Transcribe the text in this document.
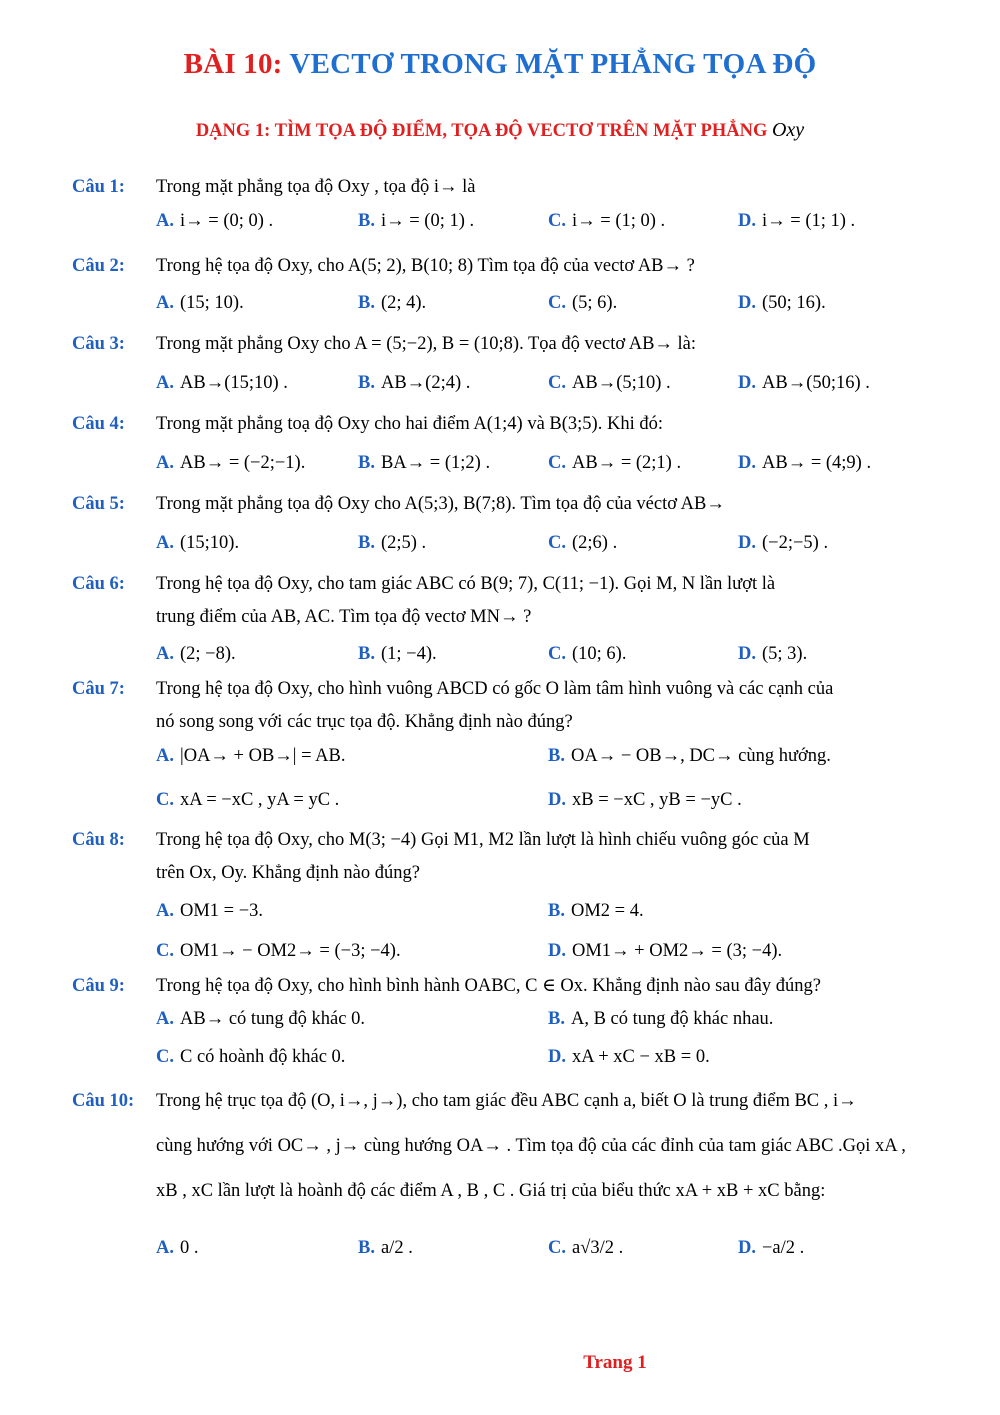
BÀI 10: VECTƠ TRONG MẶT PHẲNG TỌA ĐỘ
DẠNG 1: TÌM TỌA ĐỘ ĐIỂM, TỌA ĐỘ VECTƠ TRÊN MẶT PHẲNG Oxy
Câu 1:	Trong mặt phẳng tọa độ Oxy , tọa độ i→ là
A. i→ = (0; 0) .	B. i→ = (0; 1) .	C. i→ = (1; 0) .	D. i→ = (1; 1) .
Câu 2:	Trong hệ tọa độ Oxy, cho A(5; 2), B(10; 8) Tìm tọa độ của vectơ AB→ ?
A. (15; 10).	B. (2; 4).	C. (5; 6).	D. (50; 16).
Câu 3:	Trong mặt phẳng Oxy cho A = (5;−2), B = (10;8). Tọa độ vectơ AB→ là:
A. AB→(15;10) .	B. AB→(2;4) .	C. AB→(5;10) .	D. AB→(50;16) .
Câu 4:	Trong mặt phẳng toạ độ Oxy cho hai điểm A(1;4) và B(3;5). Khi đó:
A. AB→ = (−2;−1).	B. BA→ = (1;2) .	C. AB→ = (2;1) .	D. AB→ = (4;9) .
Câu 5:	Trong mặt phẳng tọa độ Oxy cho A(5;3), B(7;8). Tìm tọa độ của véctơ AB→
A. (15;10).	B. (2;5) .	C. (2;6) .	D. (−2;−5) .
Câu 6:	Trong hệ tọa độ Oxy, cho tam giác ABC có B(9; 7), C(11; −1). Gọi M, N lần lượt là
trung điểm của AB, AC. Tìm tọa độ vectơ MN→ ?
A. (2; −8).	B. (1; −4).	C. (10; 6).	D. (5; 3).
Câu 7:	Trong hệ tọa độ Oxy, cho hình vuông ABCD có gốc O làm tâm hình vuông và các cạnh của
nó song song với các trục tọa độ. Khẳng định nào đúng?
A. |OA→ + OB→| = AB.	B. OA→ − OB→, DC→ cùng hướng.
C. xA = −xC , yA = yC .	D. xB = −xC , yB = −yC .
Câu 8:	Trong hệ tọa độ Oxy, cho M(3; −4) Gọi M1, M2 lần lượt là hình chiếu vuông góc của M
trên Ox, Oy. Khẳng định nào đúng?
A. OM1 = −3.	B. OM2 = 4.
C. OM1→ − OM2→ = (−3; −4).	D. OM1→ + OM2→ = (3; −4).
Câu 9:	Trong hệ tọa độ Oxy, cho hình bình hành OABC, C ∈ Ox. Khẳng định nào sau đây đúng?
A. AB→ có tung độ khác 0.	B. A, B có tung độ khác nhau.
C. C có hoành độ khác 0.	D. xA + xC − xB = 0.
Câu 10:	Trong hệ trục tọa độ (O, i→, j→), cho tam giác đều ABC cạnh a, biết O là trung điểm BC , i→
cùng hướng với OC→ , j→ cùng hướng OA→ . Tìm tọa độ của các đỉnh của tam giác ABC .Gọi xA ,
xB , xC lần lượt là hoành độ các điểm A , B , C . Giá trị của biểu thức xA + xB + xC bằng:
A. 0 .	B. a/2 .	C. a√3/2 .	D. −a/2 .
Trang 1
